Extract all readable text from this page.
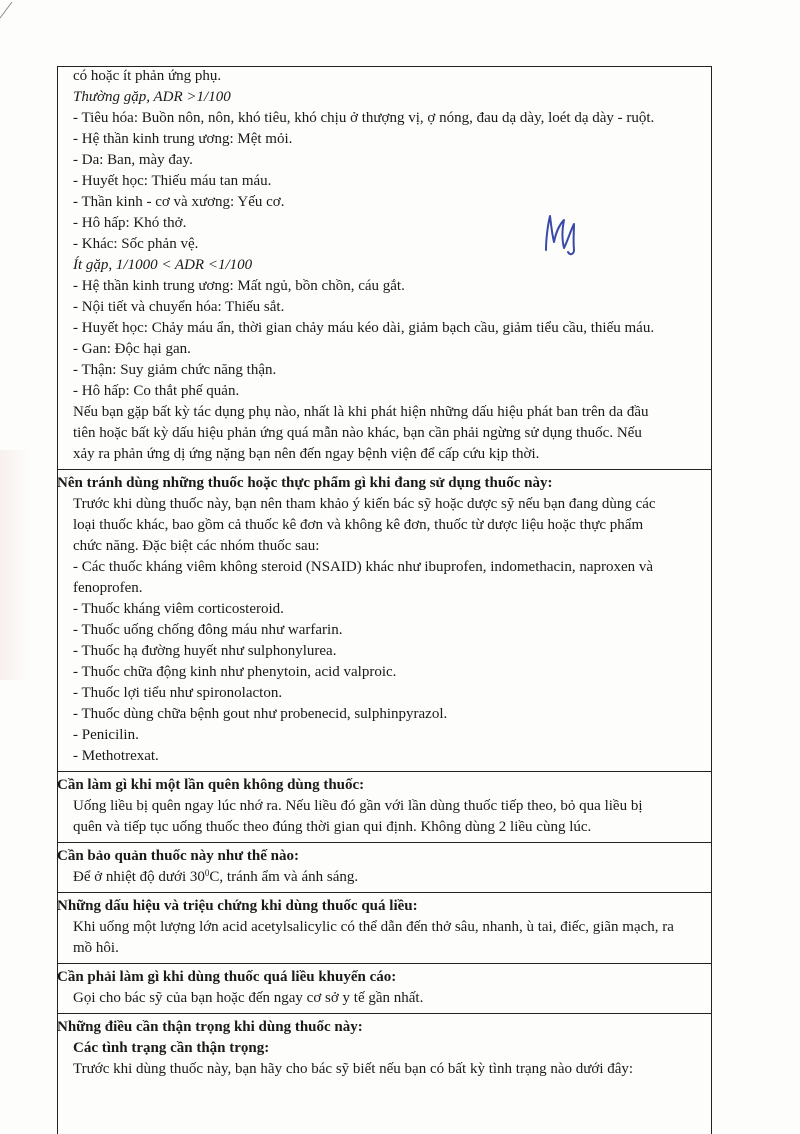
có hoặc ít phản ứng phụ.
Thường gặp, ADR >1/100
- Tiêu hóa: Buồn nôn, nôn, khó tiêu, khó chịu ở thượng vị, ợ nóng, đau dạ dày, loét dạ dày - ruột.
- Hệ thần kinh trung ương: Mệt mỏi.
- Da: Ban, mày đay.
- Huyết học: Thiếu máu tan máu.
- Thần kinh - cơ và xương: Yếu cơ.
- Hô hấp: Khó thở.
- Khác: Sốc phản vệ.
Ít gặp, 1/1000 < ADR <1/100
- Hệ thần kinh trung ương: Mất ngủ, bồn chồn, cáu gắt.
- Nội tiết và chuyển hóa: Thiếu sắt.
- Huyết học: Chảy máu ẩn, thời gian chảy máu kéo dài, giảm bạch cầu, giảm tiểu cầu, thiếu máu.
- Gan: Độc hại gan.
- Thận: Suy giảm chức năng thận.
- Hô hấp: Co thắt phế quản.
Nếu bạn gặp bất kỳ tác dụng phụ nào, nhất là khi phát hiện những dấu hiệu phát ban trên da đầu
tiên hoặc bất kỳ dấu hiệu phản ứng quá mẫn nào khác, bạn cần phải ngừng sử dụng thuốc. Nếu
xảy ra phản ứng dị ứng nặng bạn nên đến ngay bệnh viện để cấp cứu kịp thời.
Nên tránh dùng những thuốc hoặc thực phẩm gì khi đang sử dụng thuốc này:
Trước khi dùng thuốc này, bạn nên tham khảo ý kiến bác sỹ hoặc dược sỹ nếu bạn đang dùng các
loại thuốc khác, bao gồm cả thuốc kê đơn và không kê đơn, thuốc từ dược liệu hoặc thực phẩm
chức năng. Đặc biệt các nhóm thuốc sau:
- Các thuốc kháng viêm không steroid (NSAID) khác như ibuprofen, indomethacin, naproxen và
fenoprofen.
- Thuốc kháng viêm corticosteroid.
- Thuốc uống chống đông máu như warfarin.
- Thuốc hạ đường huyết như sulphonylurea.
- Thuốc chữa động kinh như phenytoin, acid valproic.
- Thuốc lợi tiểu như spironolacton.
- Thuốc dùng chữa bệnh gout như probenecid, sulphinpyrazol.
- Penicilin.
- Methotrexat.
Cần làm gì khi một lần quên không dùng thuốc:
Uống liều bị quên ngay lúc nhớ ra. Nếu liều đó gần với lần dùng thuốc tiếp theo, bỏ qua liều bị
quên và tiếp tục uống thuốc theo đúng thời gian qui định. Không dùng 2 liều cùng lúc.
Cần bảo quản thuốc này như thế nào:
Để ở nhiệt độ dưới $30^0C$, tránh ẩm và ánh sáng.
Những dấu hiệu và triệu chứng khi dùng thuốc quá liều:
Khi uống một lượng lớn acid acetylsalicylic có thể dẫn đến thở sâu, nhanh, ù tai, điếc, giãn mạch, ra
mồ hôi.
Cần phải làm gì khi dùng thuốc quá liều khuyến cáo:
Gọi cho bác sỹ của bạn hoặc đến ngay cơ sở y tế gần nhất.
Những điều cần thận trọng khi dùng thuốc này:
Các tình trạng cần thận trọng:
Trước khi dùng thuốc này, bạn hãy cho bác sỹ biết nếu bạn có bất kỳ tình trạng nào dưới đây:
